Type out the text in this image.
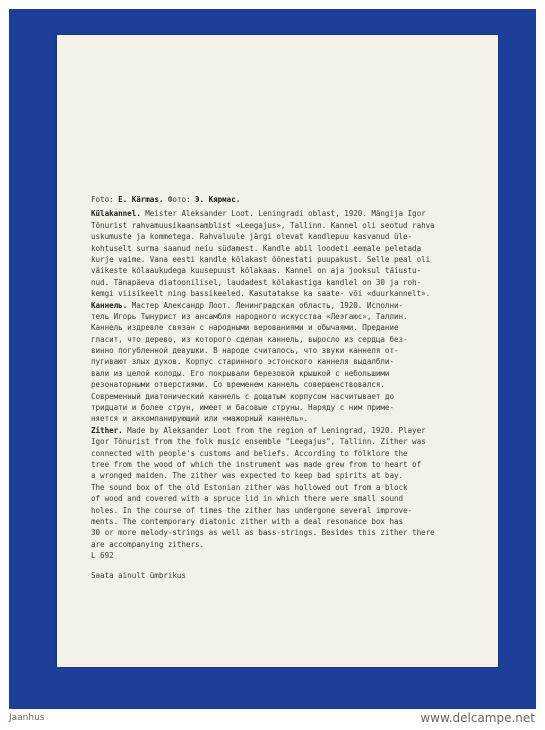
Foto: E. Kärmas. Фото: Э. Кярмас.
Külakannel. Meister Aleksander Loot. Leningradi oblast, 1920. Mängija Igor
Tõnurist rahvamuusikaansamblist «Leegajus», Tallinn. Kannel oli seotud rahva
uskumuste ja kommetega. Rahvaluule järgi olevat kandlepuu kasvanud üle-
kohtuselt surma saanud neiu südamest. Kandle abil loodeti eemale peletada
kurje vaime. Vana eesti kandle kõlakast õõnestati puupakust. Selle peal oli
väikeste kõlaaukudega kuusepuust kõlakaas. Kannel on aja jooksul täiustu-
nud. Tänapäeva diatoonilisel, laudadest kõlakastiga kandlel on 30 ja roh-
kemgi viisikeelt ning bassikeeled. Kasutatakse ka saate- või «duurkannelt».
Каннель. Мастер Александр Лоот. Ленинградская область, 1920. Исполни-
тель Игорь Тынурист из ансамбля народного искусства «Леэгаюс», Таллин.
Каннель издревле связан с народными верованиями и обычаями. Предание
гласит, что дерево, из которого сделан каннель, выросло из сердца без-
винно погубленной девушки. В народе считалось, что звуки каннеля от-
пугивают злых духов. Корпус старинного эстонского каннеля выдалбли-
вали из целой колоды. Его покрывали березовой крышкой с небольшими
резонаторными отверстиями. Со временем каннель совершенствовался.
Современный диатонический каннель с дощатым корпусом насчитывает до
тридцати и более струн, имеет и басовые струны. Наряду с ним приме-
няется и аккомпанирующий или «мажорный каннель».
Zither. Made by Aleksander Loot from the region of Leningrad, 1920. Player
Igor Tõnurist from the folk music ensemble "Leegajus", Tallinn. Zither was
connected with people's customs and beliefs. According to folklore the
tree from the wood of which the instrument was made grew from to heart of
a wronged maiden. The zither was expected to keep bad spirits at bay.
The sound box of the old Estonian zither was hollowed out from a block
of wood and covered with a spruce lid in which there were small sound
holes. In the course of times the zither has undergone several improve-
ments. The contemporary diatonic zither with a deal resonance box has
30 or more melody-strings as well as bass-strings. Besides this zither there
are accompanying zithers.
L 692
Saata ainult ümbrikus
Jaanhus	www.delcampe.net
